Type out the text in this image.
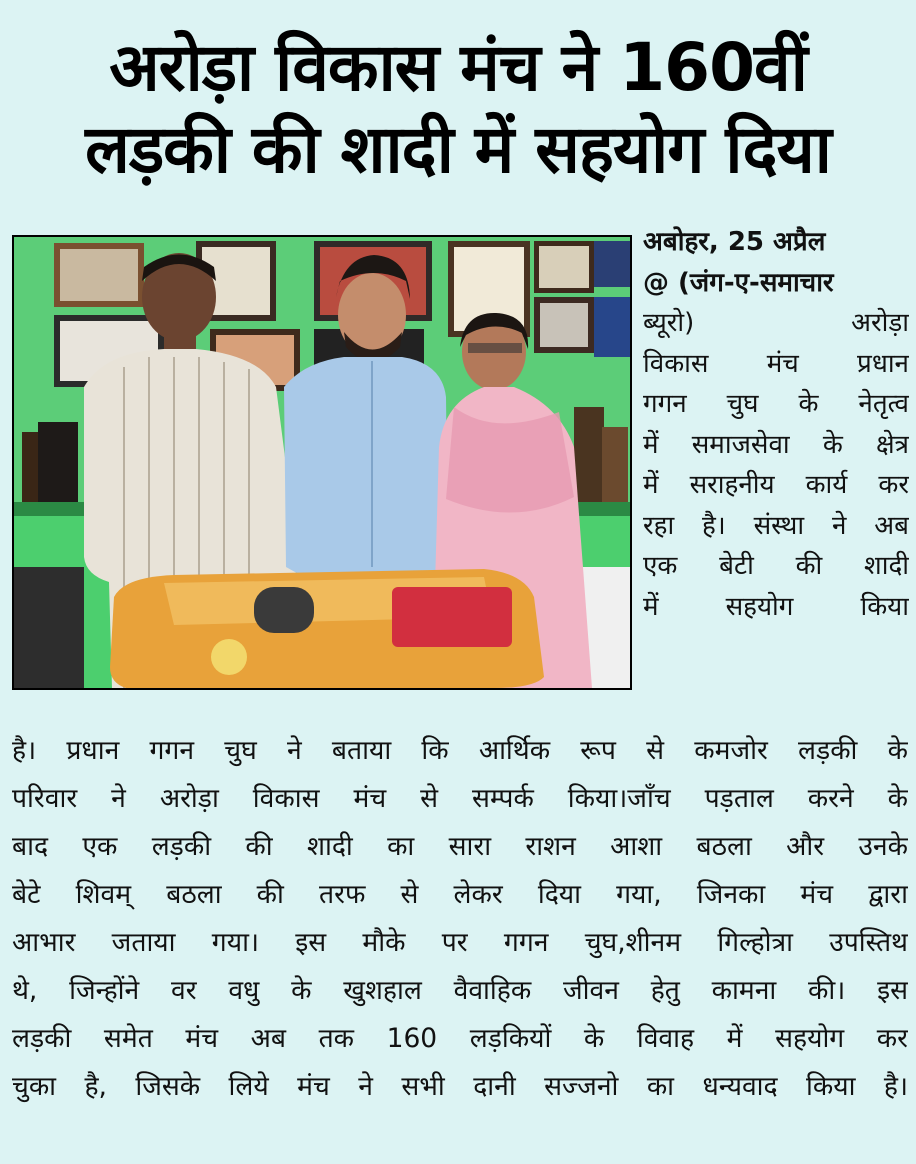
अरोड़ा विकास मंच ने 160वीं
लड़की की शादी में सहयोग दिया
अबोहर, 25 अप्रैल
@ (जंग-ए-समाचार
ब्यूरो) अरोड़ा
विकास मंच प्रधान
गगन चुघ के नेतृत्व
में समाजसेवा के क्षेत्र
में सराहनीय कार्य कर
रहा है। संस्था ने अब
एक बेटी की शादी
में सहयोग किया
है। प्रधान गगन चुघ ने बताया कि आर्थिक रूप से कमजोर लड़की के
परिवार ने अरोड़ा विकास मंच से सम्पर्क किया।जाँच पड़ताल करने के
बाद एक लड़की की शादी का सारा राशन आशा बठला और उनके
बेटे शिवम् बठला की तरफ से लेकर दिया गया, जिनका मंच द्वारा
आभार जताया गया। इस मौके पर गगन चुघ,शीनम गिल्होत्रा उपस्तिथ
थे, जिन्होंने वर वधु के खुशहाल वैवाहिक जीवन हेतु कामना की। इस
लड़की समेत मंच अब तक 160 लड़कियों के विवाह में सहयोग कर
चुका है, जिसके लिये मंच ने सभी दानी सज्जनो का धन्यवाद किया है।
